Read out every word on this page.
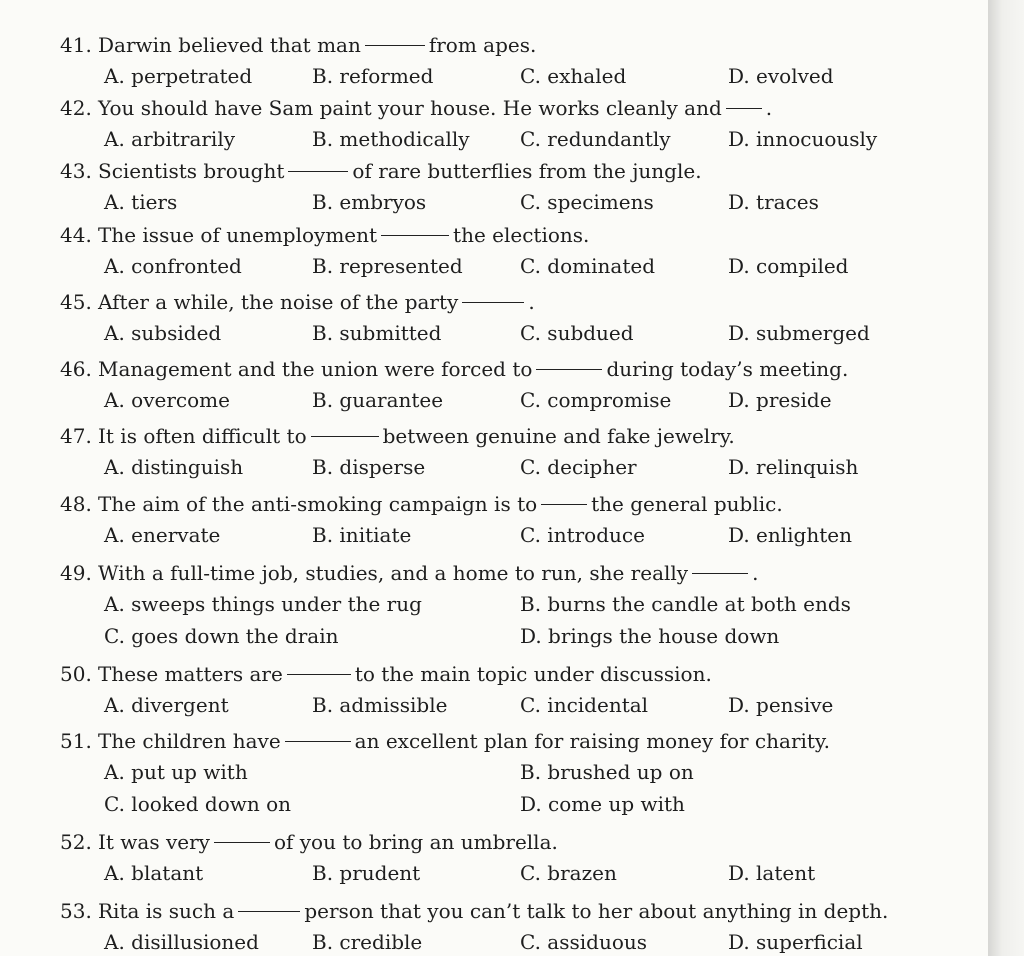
41. Darwin believed that man	from apes.
A. perpetrated	B. reformed	C. exhaled	D. evolved
42. You should have Sam paint your house. He works cleanly and .
A. arbitrarily	B. methodically	C. redundantly	D. innocuously
43. Scientists brought	of rare butterflies from the jungle.
A. tiers	B. embryos	C. specimens	D. traces
44. The issue of unemployment	the elections.
A. confronted	B. represented	C. dominated	D. compiled
45. After a while, the noise of the party	.
A. subsided	B. submitted	C. subdued	D. submerged
46. Management and the union were forced to	during today’s meeting.
A. overcome	B. guarantee	C. compromise	D. preside
47. It is often difficult to	between genuine and fake jewelry.
A. distinguish	B. disperse	C. decipher	D. relinquish
48. The aim of the anti-smoking campaign is to	the general public.
A. enervate	B. initiate	C. introduce	D. enlighten
49. With a full-time job, studies, and a home to run, she really	.
A. sweeps things under the rug	B. burns the candle at both ends
C. goes down the drain	D. brings the house down
50. These matters are	to the main topic under discussion.
A. divergent	B. admissible	C. incidental	D. pensive
51. The children have	an excellent plan for raising money for charity.
A. put up with	B. brushed up on
C. looked down on	D. come up with
52. It was very	of you to bring an umbrella.
A. blatant	B. prudent	C. brazen	D. latent
53. Rita is such a	person that you can’t talk to her about anything in depth.
A. disillusioned	B. credible	C. assiduous	D. superficial
